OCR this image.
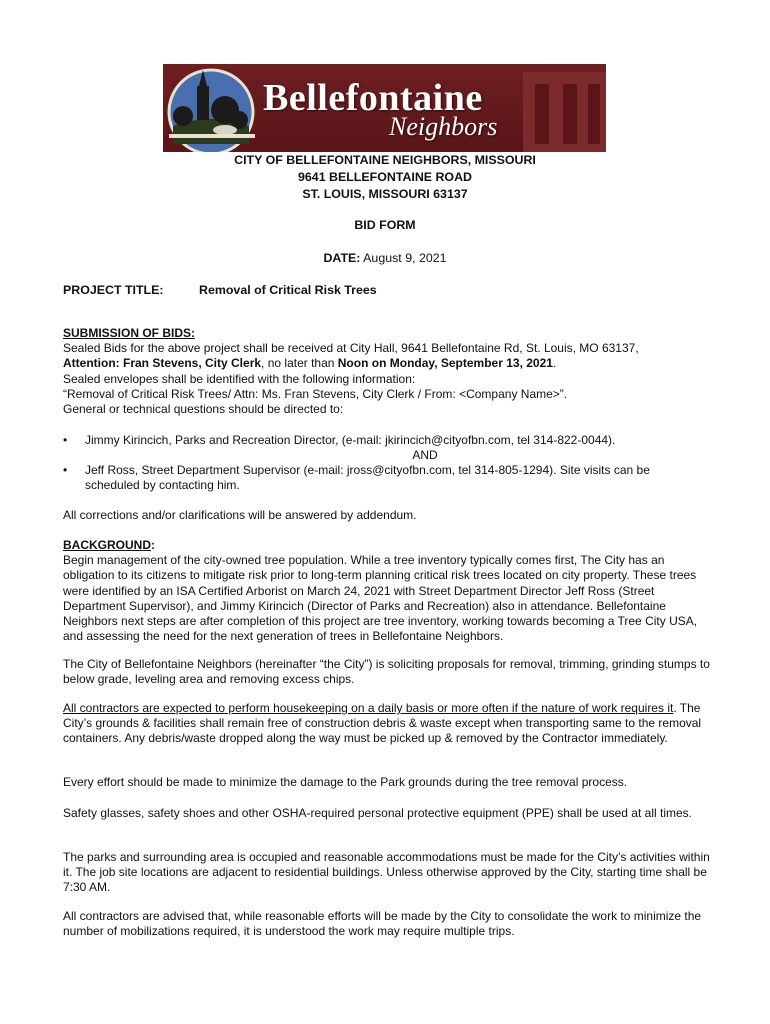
Bellefontaine
Neighbors
CITY OF BELLEFONTAINE NEIGHBORS, MISSOURI
9641 BELLEFONTAINE ROAD
ST. LOUIS, MISSOURI 63137
BID FORM
DATE: August 9, 2021
PROJECT TITLE:	Removal of Critical Risk Trees
SUBMISSION OF BIDS:
Sealed Bids for the above project shall be received at City Hall, 9641 Bellefontaine Rd, St. Louis, MO 63137,
Attention: Fran Stevens, City Clerk, no later than Noon on Monday, September 13, 2021.
Sealed envelopes shall be identified with the following information:
“Removal of Critical Risk Trees/ Attn: Ms. Fran Stevens, City Clerk / From: <Company Name>”.
General or technical questions should be directed to:
• Jimmy Kirincich, Parks and Recreation Director, (e-mail: jkirincich@cityofbn.com, tel 314-822-0044).
AND
• Jeff Ross, Street Department Supervisor (e-mail: jross@cityofbn.com, tel 314-805-1294). Site visits can be scheduled by contacting him.
All corrections and/or clarifications will be answered by addendum.
BACKGROUND:
Begin management of the city-owned tree population. While a tree inventory typically comes first, The City has an obligation to its citizens to mitigate risk prior to long-term planning critical risk trees located on city property. These trees were identified by an ISA Certified Arborist on March 24, 2021 with Street Department Director Jeff Ross (Street Department Supervisor), and Jimmy Kirincich (Director of Parks and Recreation) also in attendance. Bellefontaine Neighbors next steps are after completion of this project are tree inventory, working towards becoming a Tree City USA, and assessing the need for the next generation of trees in Bellefontaine Neighbors.
The City of Bellefontaine Neighbors (hereinafter “the City”) is soliciting proposals for removal, trimming, grinding stumps to below grade, leveling area and removing excess chips.
All contractors are expected to perform housekeeping on a daily basis or more often if the nature of work requires it. The City’s grounds & facilities shall remain free of construction debris & waste except when transporting same to the removal containers. Any debris/waste dropped along the way must be picked up & removed by the Contractor immediately.
Every effort should be made to minimize the damage to the Park grounds during the tree removal process.
Safety glasses, safety shoes and other OSHA-required personal protective equipment (PPE) shall be used at all times.
The parks and surrounding area is occupied and reasonable accommodations must be made for the City’s activities within it. The job site locations are adjacent to residential buildings. Unless otherwise approved by the City, starting time shall be 7:30 AM.
All contractors are advised that, while reasonable efforts will be made by the City to consolidate the work to minimize the number of mobilizations required, it is understood the work may require multiple trips.
